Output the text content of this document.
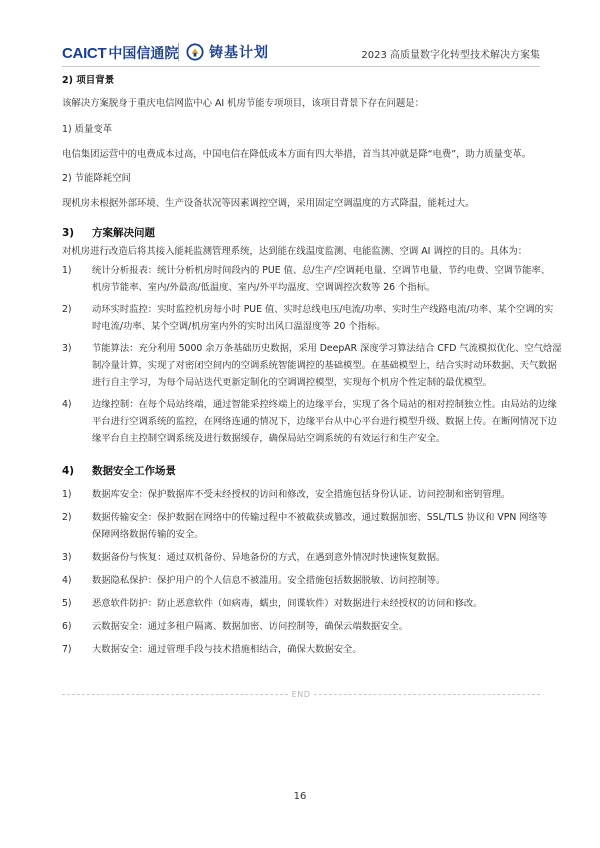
CAICT 中国信通院 铸基计划	2023 高质量数字化转型技术解决方案集
2) 项目背景
该解决方案脱身于重庆电信网监中心 AI 机房节能专项项目，该项目背景下存在问题是：
1) 质量变革
电信集团运营中的电费成本过高，中国电信在降低成本方面有四大举措，首当其冲就是降“电费”，助力质量变革。
2) 节能降耗空间
现机房未根据外部环境、生产设备状况等因素调控空调，采用固定空调温度的方式降温，能耗过大。
3)	方案解决问题
对机房进行改造后将其接入能耗监测管理系统，达到能在线温度监测、电能监测、空调 AI 调控的目的。具体为：
1)	统计分析报表：统计分析机房时间段内的 PUE 值、总/生产/空调耗电量、空调节电量、节约电费、空调节能率、
机房节能率、室内/外最高/低温度、室内/外平均温度、空调调控次数等 26 个指标。
2)	动环实时监控：实时监控机房每小时 PUE 值、实时总线电压/电流/功率、实时生产线路电流/功率、某个空调的实
时电流/功率、某个空调/机房室内外的实时出风口温湿度等 20 个指标。
3)	节能算法：充分利用 5000 余万条基础历史数据，采用 DeepAR 深度学习算法结合 CFD 气流模拟优化、空气焓湿
制冷量计算，实现了对密闭空间内的空调系统智能调控的基础模型。在基础模型上，结合实时动环数据、天气数据
进行自主学习，为每个局站迭代更新定制化的空调调控模型，实现每个机房个性定制的最优模型。
4)	边缘控制：在每个局站终端，通过智能采控终端上的边缘平台，实现了各个局站的相对控制独立性。由局站的边缘
平台进行空调系统的监控，在网络连通的情况下，边缘平台从中心平台进行模型升级、数据上传。在断网情况下边
缘平台自主控制空调系统及进行数据缓存，确保局站空调系统的有效运行和生产安全。
4)	数据安全工作场景
1)	数据库安全：保护数据库不受未经授权的访问和修改，安全措施包括身份认证、访问控制和密钥管理。
2)	数据传输安全：保护数据在网络中的传输过程中不被截获或篡改，通过数据加密、SSL/TLS 协议和 VPN 网络等
保障网络数据传输的安全。
3)	数据备份与恢复：通过双机备份、异地备份的方式，在遇到意外情况时快速恢复数据。
4)	数据隐私保护：保护用户的个人信息不被滥用。安全措施包括数据脱敏、访问控制等。
5)	恶意软件防护：防止恶意软件（如病毒，蠕虫，间谍软件）对数据进行未经授权的访问和修改。
6)	云数据安全：通过多租户隔离、数据加密、访问控制等，确保云端数据安全。
7)	大数据安全：通过管理手段与技术措施相结合，确保大数据安全。
END
16
